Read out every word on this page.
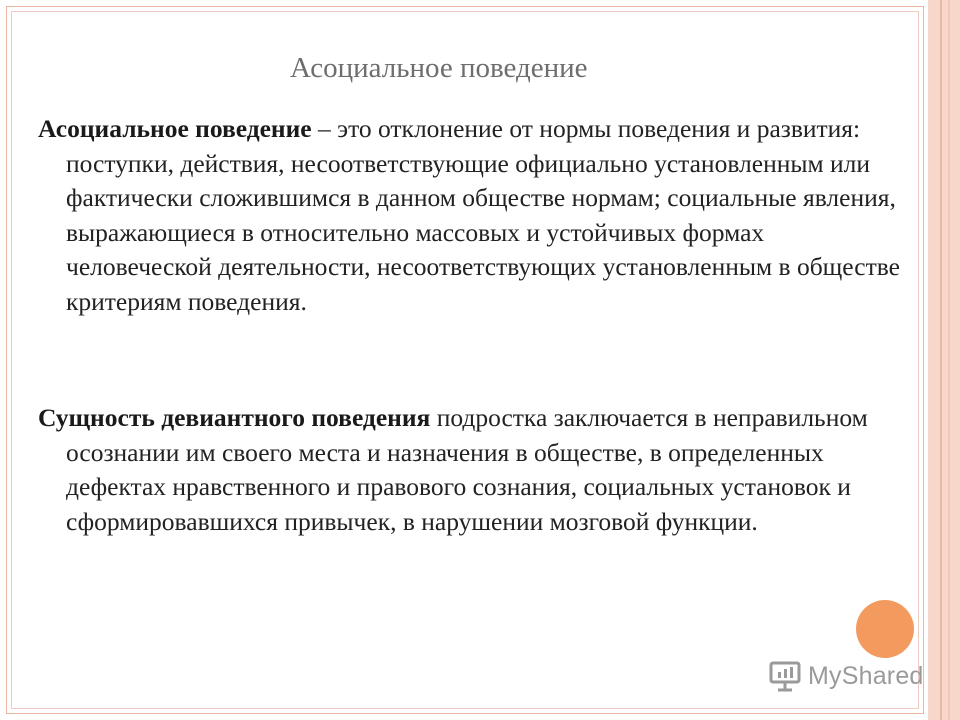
Асоциальное поведение

Асоциальное поведение – это отклонение от нормы поведения и развития: поступки, действия, несоответствующие официально установленным или фактически сложившимся в данном обществе нормам; социальные явления, выражающиеся в относительно массовых и устойчивых формах человеческой деятельности, несоответствующих установленным в обществе критериям поведения.

Сущность девиантного поведения подростка заключается в неправильном осознании им своего места и назначения в обществе, в определенных дефектах нравственного и правового сознания, социальных установок и сформировавшихся привычек, в нарушении мозговой функции.

MyShared
